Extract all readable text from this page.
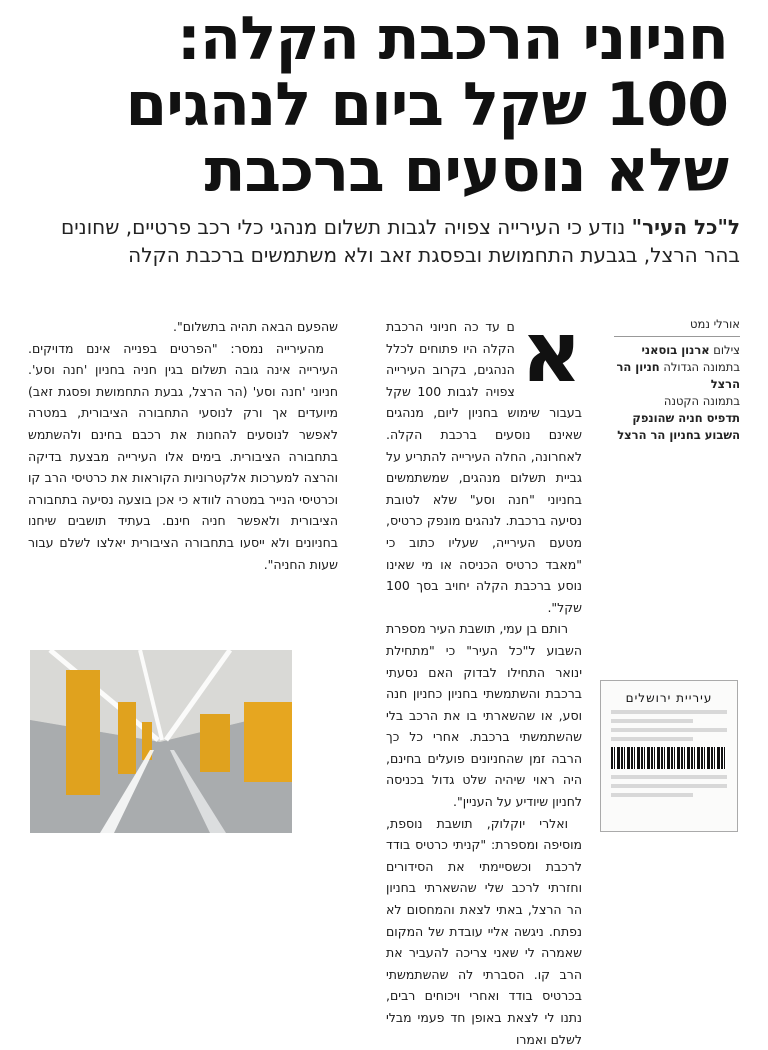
חניוני הרכבת הקלה:
100 שקל ביום לנהגים
שלא נוסעים ברכבת

ל"כל העיר" נודע כי העירייה צפויה לגבות תשלום מנהגי כלי רכב פרטיים, שחונים בהר הרצל, בגבעת התחמושת ובפסגת זאב ולא משתמשים ברכבת הקלה

אורלי נמט
צילום ארנון בוסאני
בתמונה הגדולה חניון הר הרצל
בתמונה הקטנה
תדפיס חניה שהונפק השבוע בחניון הר הרצל

א
ם עד כה חניוני הרכבת הקלה היו פתוחים לכלל הנהגים, בקרוב העירייה צפויה לגבות 100 שקל בעבור שימוש בחניון ליום, מנהגים שאינם נוסעים ברכבת הקלה. לאחרונה, החלה העירייה להתריע על גביית תשלום מנהגים, שמשתמשים בחניוני "חנה וסע" שלא לטובת נסיעה ברכבת. לנהגים מונפק כרטיס, מטעם העירייה, שעליו כתוב כי "מאבד כרטיס הכניסה או מי שאינו נוסע ברכבת הקלה יחויב בסך 100 שקל".

רותם בן עמי, תושבת העיר מספרת השבוע ל"כל העיר" כי "מתחילת ינואר התחילו לבדוק האם נסעתי ברכבת והשתמשתי בחניון כחניון חנה וסע, או שהשארתי בו את הרכב בלי שהשתמשתי ברכבת. אחרי כל כך הרבה זמן שהחניונים פועלים בחינם, היה ראוי שיהיה שלט גדול בכניסה לחניון שיודיע על העניין".

ואלרי יוקלוק, תושבת נוספת, מוסיפה ומספרת: "קניתי כרטיס בודד לרכבת וכשסיימתי את הסידורים וחזרתי לרכב שלי שהשארתי בחניון הר הרצל, באתי לצאת והמחסום לא נפתח. ניגשה אליי עובדת של המקום שאמרה לי שאני צריכה להעביר את הרב קו. הסברתי לה שהשתמשתי בכרטיס בודד ואחרי ויכוחים רבים, נתנו לי לצאת באופן חד פעמי מבלי לשלם ואמרו

שהפעם הבאה תהיה בתשלום".

מהעירייה נמסר: "הפרטים בפנייה אינם מדויקים. העירייה אינה גובה תשלום בגין חניה בחניון 'חנה וסע'. חניוני 'חנה וסע' (הר הרצל, גבעת התחמושת ופסגת זאב) מיועדים אך ורק לנוסעי התחבורה הציבורית, במטרה לאפשר לנוסעים להחנות את רכבם בחינם ולהשתמש בתחבורה הציבורית. בימים אלו העירייה מבצעת בדיקה והרצה למערכות אלקטרוניות הקוראות את כרטיסי הרב קו וכרטיסי הנייר במטרה לוודא כי אכן בוצעה נסיעה בתחבורה הציבורית ולאפשר חניה חינם. בעתיד תושבים שיחנו בחניונים ולא ייסעו בתחבורה הציבורית יאלצו לשלם עבור שעות החניה".

עיריית ירושלים
